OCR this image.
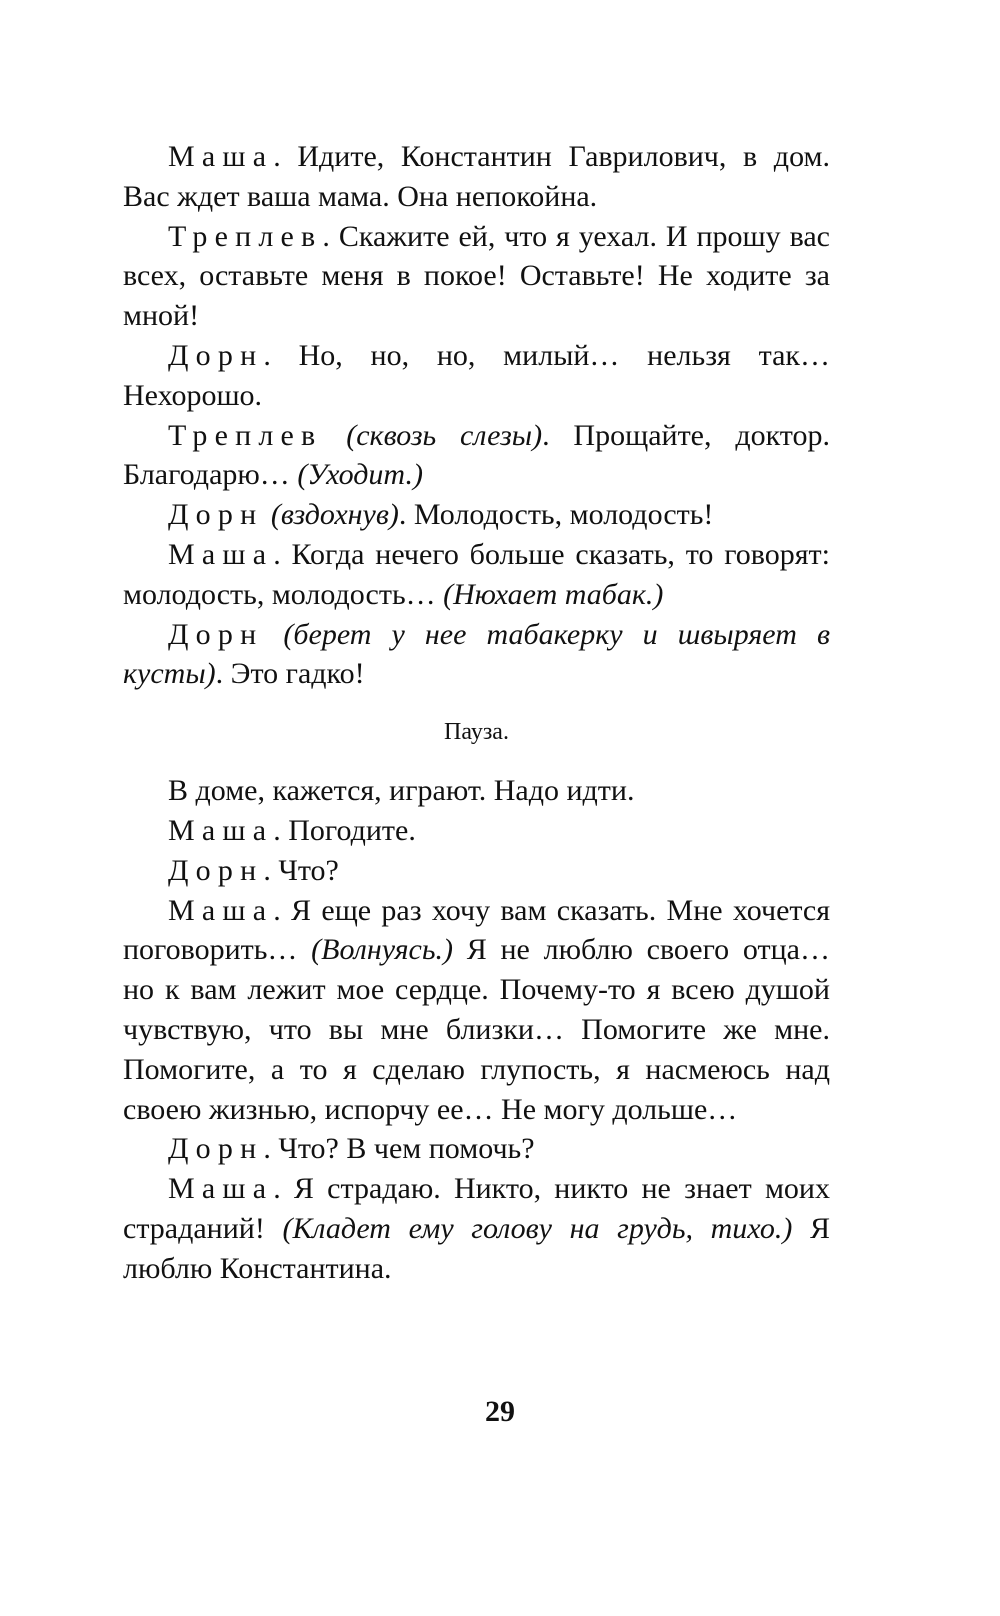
Маша. Идите, Константин Гаврилович, в дом. Вас ждет ваша мама. Она непокойна.

Треплев. Скажите ей, что я уехал. И прошу вас всех, оставьте меня в покое! Оставьте! Не ходите за мной!

Дорн. Но, но, но, милый… нельзя так… Нехорошо.

Треплев (сквозь слезы). Прощайте, доктор. Благодарю… (Уходит.)

Дорн (вздохнув). Молодость, молодость!

Маша. Когда нечего больше сказать, то говорят: молодость, молодость… (Нюхает табак.)

Дорн (берет у нее табакерку и швыряет в кусты). Это гадко!

Пауза.

В доме, кажется, играют. Надо идти.

Маша. Погодите.

Дорн. Что?

Маша. Я еще раз хочу вам сказать. Мне хочется поговорить… (Волнуясь.) Я не люблю своего отца… но к вам лежит мое сердце. Почему-то я всею душой чувствую, что вы мне близки… Помогите же мне. Помогите, а то я сделаю глупость, я насмеюсь над своею жизнью, испорчу ее… Не могу дольше…

Дорн. Что? В чем помочь?

Маша. Я страдаю. Никто, никто не знает моих страданий! (Кладет ему голову на грудь, тихо.) Я люблю Константина.

29
